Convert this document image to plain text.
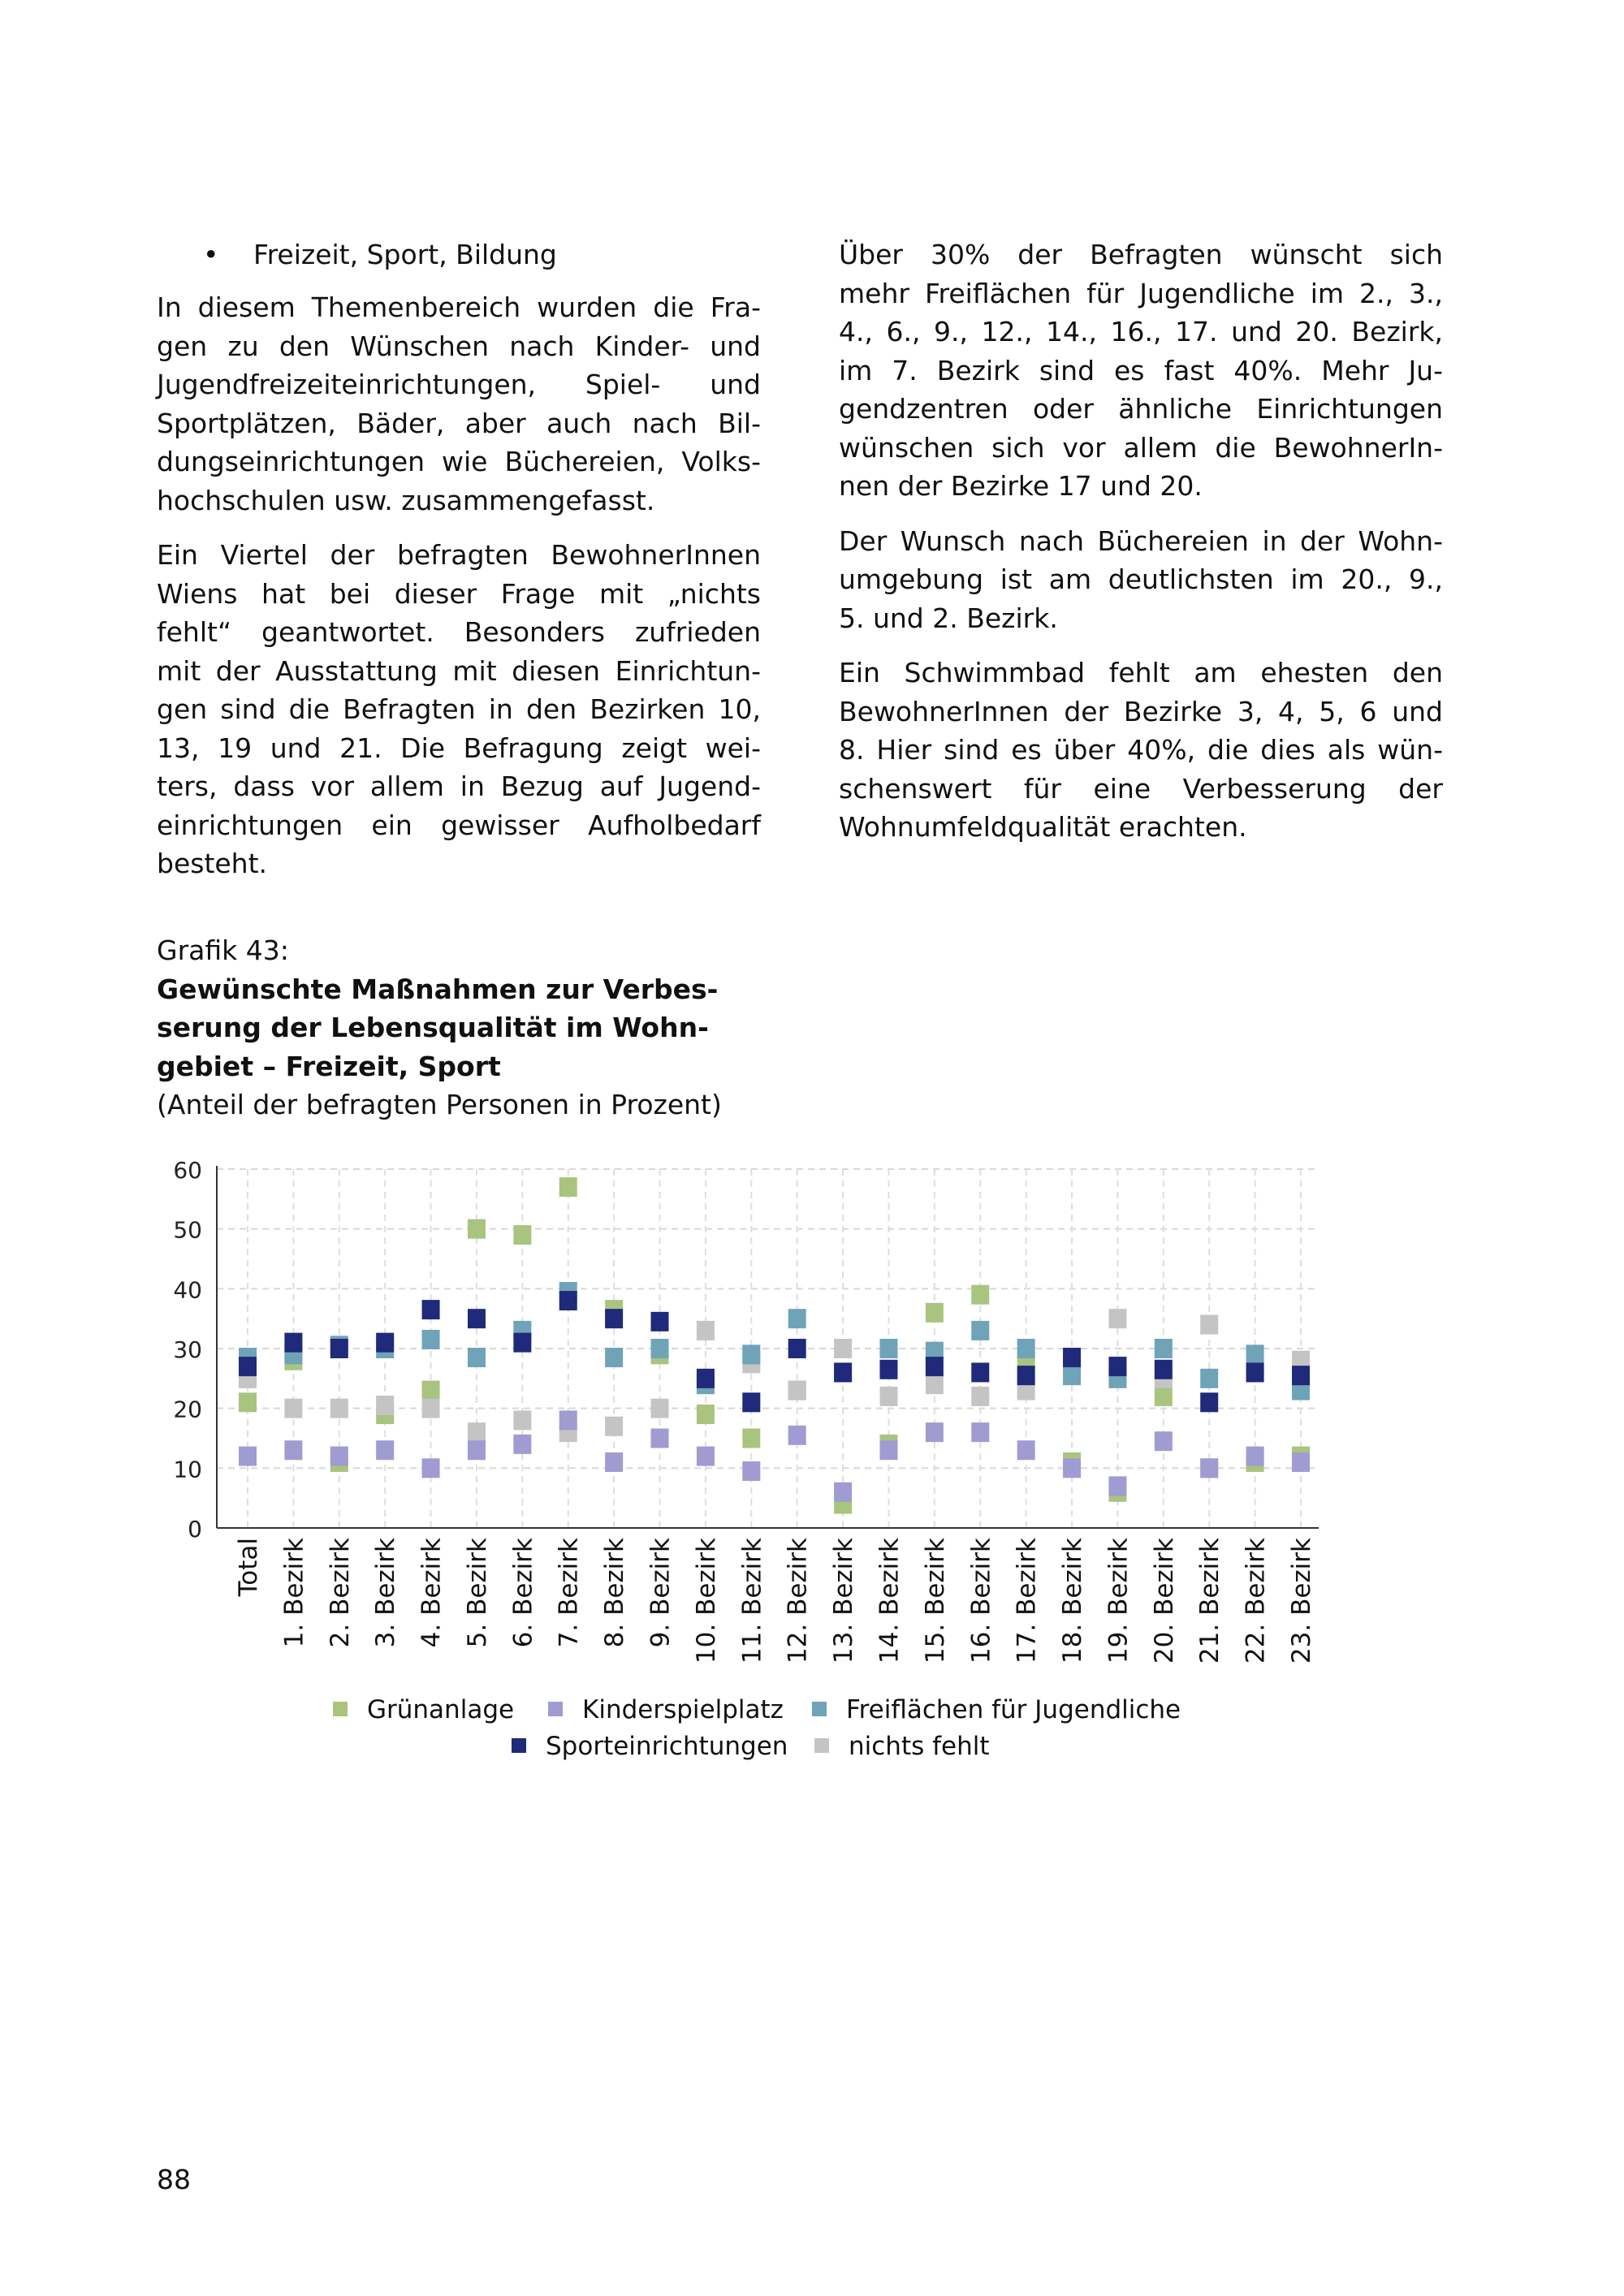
• Freizeit, Sport, Bildung
In diesem Themenbereich wurden die Fra-
gen zu den Wünschen nach Kinder- und
Jugendfreizeiteinrichtungen, Spiel- und
Sportplätzen, Bäder, aber auch nach Bil-
dungseinrichtungen wie Büchereien, Volks-
hochschulen usw. zusammengefasst.
Ein Viertel der befragten BewohnerInnen
Wiens hat bei dieser Frage mit „nichts
fehlt“ geantwortet. Besonders zufrieden
mit der Ausstattung mit diesen Einrichtun-
gen sind die Befragten in den Bezirken 10,
13, 19 und 21. Die Befragung zeigt wei-
ters, dass vor allem in Bezug auf Jugend-
einrichtungen ein gewisser Aufholbedarf
besteht.
Über 30% der Befragten wünscht sich
mehr Freiflächen für Jugendliche im 2., 3.,
4., 6., 9., 12., 14., 16., 17. und 20. Bezirk,
im 7. Bezirk sind es fast 40%. Mehr Ju-
gendzentren oder ähnliche Einrichtungen
wünschen sich vor allem die BewohnerIn-
nen der Bezirke 17 und 20.
Der Wunsch nach Büchereien in der Wohn-
umgebung ist am deutlichsten im 20., 9.,
5. und 2. Bezirk.
Ein Schwimmbad fehlt am ehesten den
BewohnerInnen der Bezirke 3, 4, 5, 6 und
8. Hier sind es über 40%, die dies als wün-
schenswert für eine Verbesserung der
Wohnumfeldqualität erachten.
Grafik 43:
Gewünschte Maßnahmen zur Verbes-
serung der Lebensqualität im Wohn-
gebiet – Freizeit, Sport
(Anteil der befragten Personen in Prozent)
0
10
20
30
40
50
60
Total 1. Bezirk 2. Bezirk 3. Bezirk 4. Bezirk 5. Bezirk 6. Bezirk 7. Bezirk 8. Bezirk 9. Bezirk 10. Bezirk 11. Bezirk 12. Bezirk 13. Bezirk 14. Bezirk 15. Bezirk 16. Bezirk 17. Bezirk 18. Bezirk 19. Bezirk 20. Bezirk 21. Bezirk 22. Bezirk 23. Bezirk
Grünanlage	Kinderspielplatz Freiflächen für Jugendliche
Sporteinrichtungen nichts fehlt
88
